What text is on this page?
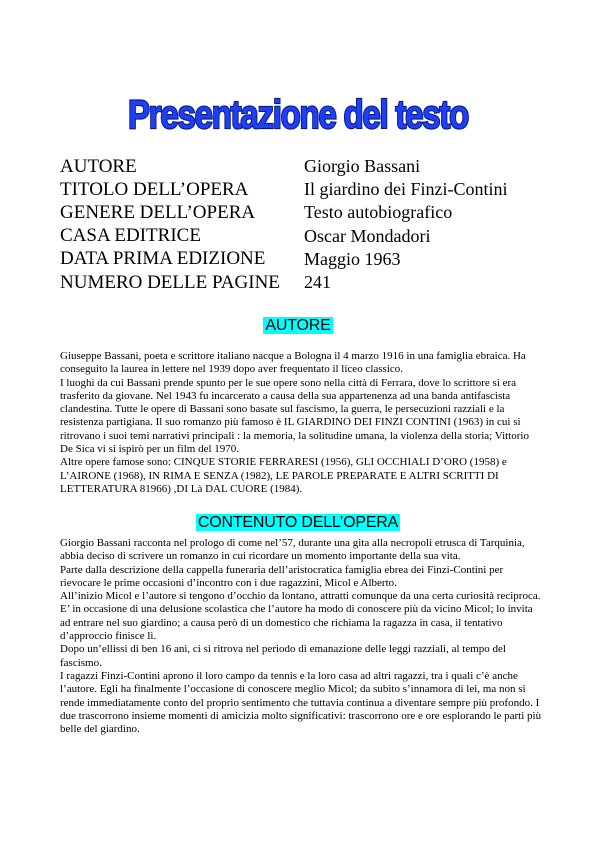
Presentazione del testo
AUTORE	Giorgio Bassani
TITOLO DELL’OPERA	Il giardino dei Finzi-Contini
GENERE DELL’OPERA	Testo autobiografico
CASA EDITRICE	Oscar Mondadori
DATA PRIMA EDIZIONE	Maggio 1963
NUMERO DELLE PAGINE	241
AUTORE

Giuseppe Bassani, poeta e scrittore italiano nacque a Bologna il 4 marzo 1916 in una famiglia ebraica. Ha conseguito la laurea in lettere nel 1939 dopo aver frequentato il liceo classico.

I luoghi da cui Bassani prende spunto per le sue opere sono nella città di Ferrara, dove lo scrittore si era trasferito da giovane. Nel 1943 fu incarcerato a causa della sua appartenenza ad una banda antifascista clandestina. Tutte le opere di Bassani sono basate sul fascismo, la guerra, le persecuzioni razziali e la resistenza partigiana. Il suo romanzo più famoso è IL GIARDINO DEI FINZI CONTINI (1963) in cui si ritrovano i suoi temi narrativi principali : la memoria, la solitudine umana, la violenza della storia; Vittorio De Sica vi si ispirò per un film del 1970.

Altre opere famose sono: CINQUE STORIE FERRARESI (1956), GLI OCCHIALI D’ORO (1958) e L’AIRONE (1968), IN RIMA E SENZA (1982), LE PAROLE PREPARATE E ALTRI SCRITTI DI LETTERATURA 81966) ,DI Là DAL CUORE (1984).

CONTENUTO DELL’OPERA

Giorgio Bassani racconta nel prologo di come nel’57, durante una gita alla necropoli etrusca di Tarquinia, abbia deciso di scrivere un romanzo in cui ricordare un momento importante della sua vita.

Parte dalla descrizione della cappella funeraria dell’aristocratica famiglia ebrea dei Finzi-Contini per rievocare le prime occasioni d’incontro con i due ragazzini, Micol e Alberto.

All’inizio Micol e l’autore si tengono d’occhio da lontano, attratti comunque da una certa curiosità reciproca.

E’ in occasione di una delusione scolastica che l’autore ha modo di conoscere più da vicino Micol; lo invita ad entrare nel suo giardino; a causa però di un domestico che richiama la ragazza in casa, il tentativo d’approccio finisce lì.

Dopo un’ellissi di ben 16 ani, ci si ritrova nel periodo di emanazione delle leggi razziali, al tempo del fascismo.

I ragazzi Finzi-Contini aprono il loro campo da tennis e la loro casa ad altri ragazzi, tra i quali c’è anche l’autore. Egli ha finalmente l’occasione di conoscere meglio Micol; da subito s’innamora di lei, ma non si rende immediatamente conto del proprio sentimento che tuttavia continua a diventare sempre più profondo. I due trascorrono insieme momenti di amicizia molto significativi: trascorrono ore e ore esplorando le parti più belle del giardino.
